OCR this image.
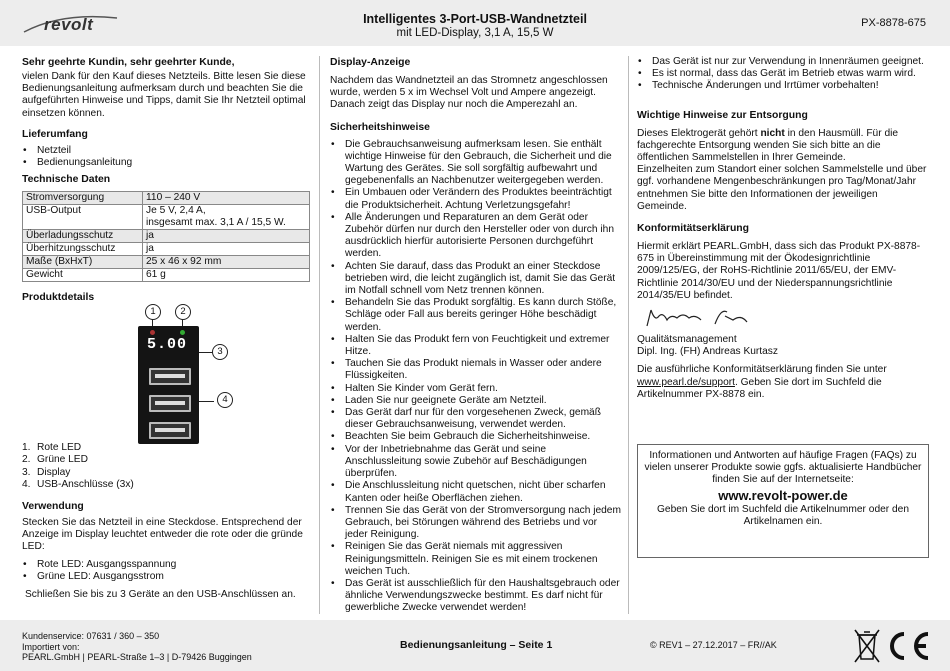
revolt	Intelligentes 3-Port-USB-Wandnetzteil
mit LED-Display, 3,1 A, 15,5 W
PX-8878-675
Sehr geehrte Kundin, sehr geehrter Kunde,

vielen Dank für den Kauf dieses Netzteils. Bitte lesen Sie diese Bedienungsanleitung aufmerksam durch und beachten Sie die aufgeführten Hinweise und Tipps, damit Sie Ihr Netzteil optimal einsetzen können.

Lieferumfang
• Netzteil
• Bedienungsanleitung
Technische Daten
Stromversorgung	110 – 240 V
USB-Output	Je 5 V, 2,4 A,
insgesamt max. 3,1 A / 15,5 W.

Überladungsschutz	ja
Überhitzungsschutz	ja
Maße (BxHxT)	25 x 46 x 92 mm
Gewicht	61 g
Produktdetails
5.00
1	2
3
4
1. Rote LED
2. Grüne LED
3. Display
4. USB-Anschlüsse (3x)
Verwendung

Stecken Sie das Netzteil in eine Steckdose. Entsprechend der Anzeige im Display leuchtet entweder die rote oder die gründe LED:

• Rote LED: Ausgangsspannung
• Grüne LED: Ausgangsstrom

Schließen Sie bis zu 3 Geräte an den USB-Anschlüssen an.

Display-Anzeige

Nachdem das Wandnetzteil an das Stromnetz angeschlossen wurde, werden 5 x im Wechsel Volt und Ampere angezeigt. Danach zeigt das Display nur noch die Amperezahl an.

Sicherheitshinweise
• Die Gebrauchsanweisung aufmerksam lesen. Sie enthält wichtige Hinweise für den Gebrauch, die Sicherheit und die Wartung des Gerätes. Sie soll sorgfältig aufbewahrt und gegebenenfalls an Nachbenutzer weitergegeben werden.
• Ein Umbauen oder Verändern des Produktes beeinträchtigt die Produktsicherheit. Achtung Verletzungsgefahr!
• Alle Änderungen und Reparaturen an dem Gerät oder Zubehör dürfen nur durch den Hersteller oder von durch ihn ausdrücklich hierfür autorisierte Personen durchgeführt werden.
• Achten Sie darauf, dass das Produkt an einer Steckdose betrieben wird, die leicht zugänglich ist, damit Sie das Gerät im Notfall schnell vom Netz trennen können.
• Behandeln Sie das Produkt sorgfältig. Es kann durch Stöße, Schläge oder Fall aus bereits geringer Höhe beschädigt werden.
• Halten Sie das Produkt fern von Feuchtigkeit und extremer Hitze.
• Tauchen Sie das Produkt niemals in Wasser oder andere Flüssigkeiten.
• Halten Sie Kinder vom Gerät fern.
• Laden Sie nur geeignete Geräte am Netzteil.
• Das Gerät darf nur für den vorgesehenen Zweck, gemäß dieser Gebrauchsanweisung, verwendet werden.
• Beachten Sie beim Gebrauch die Sicherheitshinweise.
• Vor der Inbetriebnahme das Gerät und seine Anschlussleitung sowie Zubehör auf Beschädigungen überprüfen.
• Die Anschlussleitung nicht quetschen, nicht über scharfen Kanten oder heiße Oberflächen ziehen.
• Trennen Sie das Gerät von der Stromversorgung nach jedem Gebrauch, bei Störungen während des Betriebs und vor jeder Reinigung.
• Reinigen Sie das Gerät niemals mit aggressiven Reinigungsmitteln. Reinigen Sie es mit einem trockenen weichen Tuch.
• Das Gerät ist ausschließlich für den Haushaltsgebrauch oder ähnliche Verwendungszwecke bestimmt. Es darf nicht für gewerbliche Zwecke verwendet werden!
• Das Gerät ist nur zur Verwendung in Innenräumen geeignet.
• Es ist normal, dass das Gerät im Betrieb etwas warm wird.
• Technische Änderungen und Irrtümer vorbehalten!
Wichtige Hinweise zur Entsorgung

Dieses Elektrogerät gehört nicht in den Hausmüll. Für die fachgerechte Entsorgung wenden Sie sich bitte an die öffentlichen Sammelstellen in Ihrer Gemeinde.

Einzelheiten zum Standort einer solchen Sammelstelle und über ggf. vorhandene Mengenbeschränkungen pro Tag/Monat/Jahr entnehmen Sie bitte den Informationen der jeweiligen Gemeinde.

Konformitätserklärung

Hiermit erklärt PEARL.GmbH, dass sich das Produkt PX-8878-675 in Übereinstimmung mit der Ökodesignrichtlinie 2009/125/EG, der RoHS-Richtlinie 2011/65/EU, der EMV-Richtlinie 2014/30/EU und der Niederspannungsrichtlinie 2014/35/EU befindet.

Qualitätsmanagement

Dipl. Ing. (FH) Andreas Kurtasz

Die ausführliche Konformitätserklärung finden Sie unter www.pearl.de/support. Geben Sie dort im Suchfeld die Artikelnummer PX-8878 ein.

Informationen und Antworten auf häufige Fragen (FAQs) zu vielen unserer Produkte sowie ggfs. aktualisierte Handbücher finden Sie auf der Internetseite:

www.revolt-power.de

Geben Sie dort im Suchfeld die Artikelnummer oder den Artikelnamen ein.

Kundenservice: 07631 / 360 – 350
Importiert von:
PEARL.GmbH | PEARL-Straße 1–3 | D-79426 Buggingen
Bedienungsanleitung – Seite 1	© REV1 – 27.12.2017 – FR//AK
